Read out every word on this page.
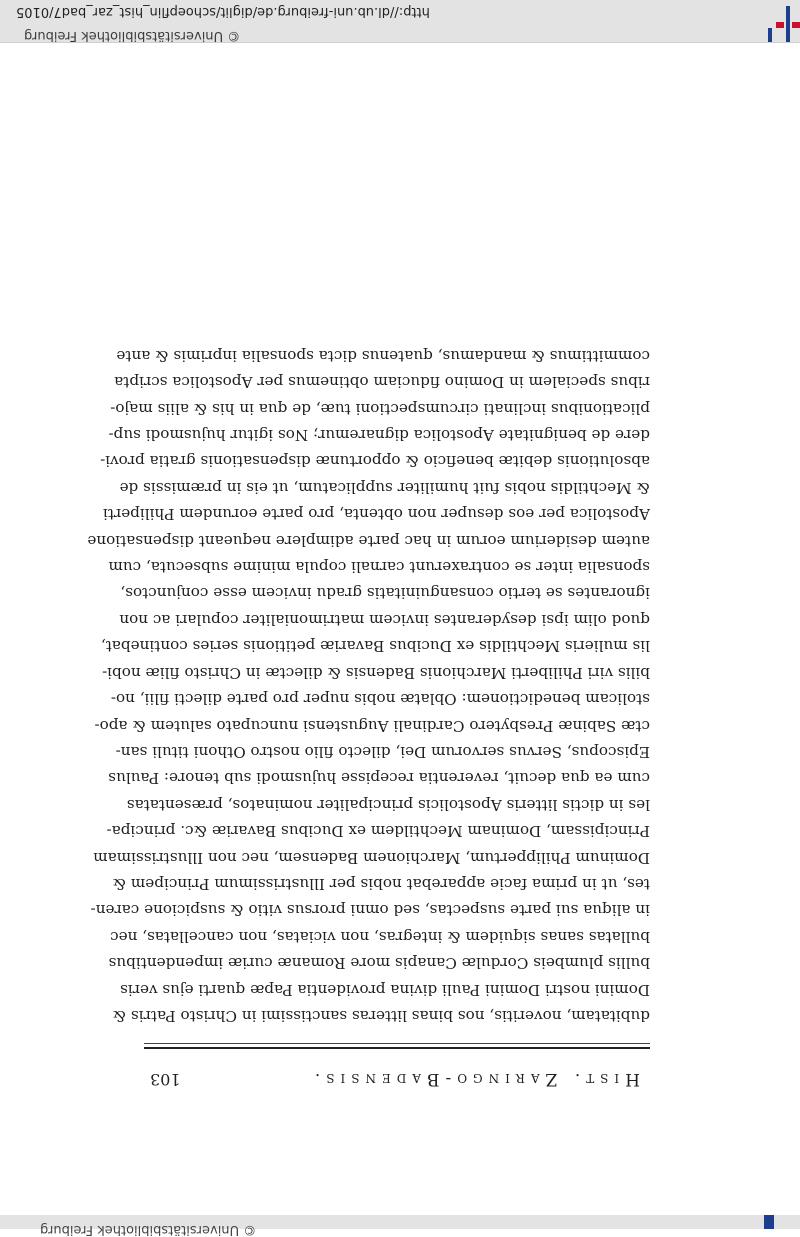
© Universitätsbibliothek Freiburg
Hist. Zaringo-Badensis.
103
dubitatam, noveritis, nos binas litteras sanctissimi in Christo Patris &
Domini nostri Domini Pauli divina providentia Papæ quarti ejus veris
bullis plumbeis Cordulæ Canapis more Romanæ curiæ impendentibus
bullatas sanas siquidem & integras, non viciatas, non cancellatas, nec
in aliqua sui parte suspectas, sed omni prorsus vitio & suspicione caren-
tes, ut in prima facie apparebat nobis per Illustrissimum Principem &
Dominum Philippertum, Marchionem Badensem, nec non Illustrissimam
Principissam, Dominam Mechtildem ex Ducibus Bavariæ &c. principa-
les in dictis litteris Apostolicis principaliter nominatos, præsentatas
cum ea qua decuit, reverentia recepisse hujusmodi sub tenore: Paulus
Episcopus, Servus servorum Dei, dilecto filio nostro Othoni tituli san-
ctæ Sabinæ Presbytero Cardinali Augustensi nuncupato salutem & apo-
stolicam benedictionem: Oblatæ nobis nuper pro parte dilecti filii, no-
bilis viri Philiberti Marchionis Badensis & dilectæ in Christo filiæ nobi-
lis mulieris Mechtildis ex Ducibus Bavariæ petitionis series continebat,
quod olim ipsi desyderantes invicem matrimonialiter copulari ac non
ignorantes se tertio consanguinitatis gradu invicem esse conjunctos,
sponsalia inter se contraxerunt carnali copula minime subsecuta, cum
autem desiderium eorum in hac parte adimplere nequeant dispensatione
Apostolica per eos desuper non obtenta, pro parte eorundem Philiperti
& Mechtildis nobis fuit humiliter supplicatum, ut eis in præmissis de
absolutionis debitæ beneficio & opportunæ dispensationis gratia provi-
dere de benignitate Apostolica dignaremur; Nos igitur hujusmodi sup-
plicationibus inclinati circumspectioni tuæ, de qua in his & aliis majo-
ribus specialem in Domino fiduciam obtinemus per Apostolica scripta
committimus & mandamus, quatenus dicta sponsalia inprimis & ante
© Universitätsbibliothek Freiburg
http://dl.ub.uni-freiburg.de/diglit/schoepflin_hist_zar_bad7/0105
